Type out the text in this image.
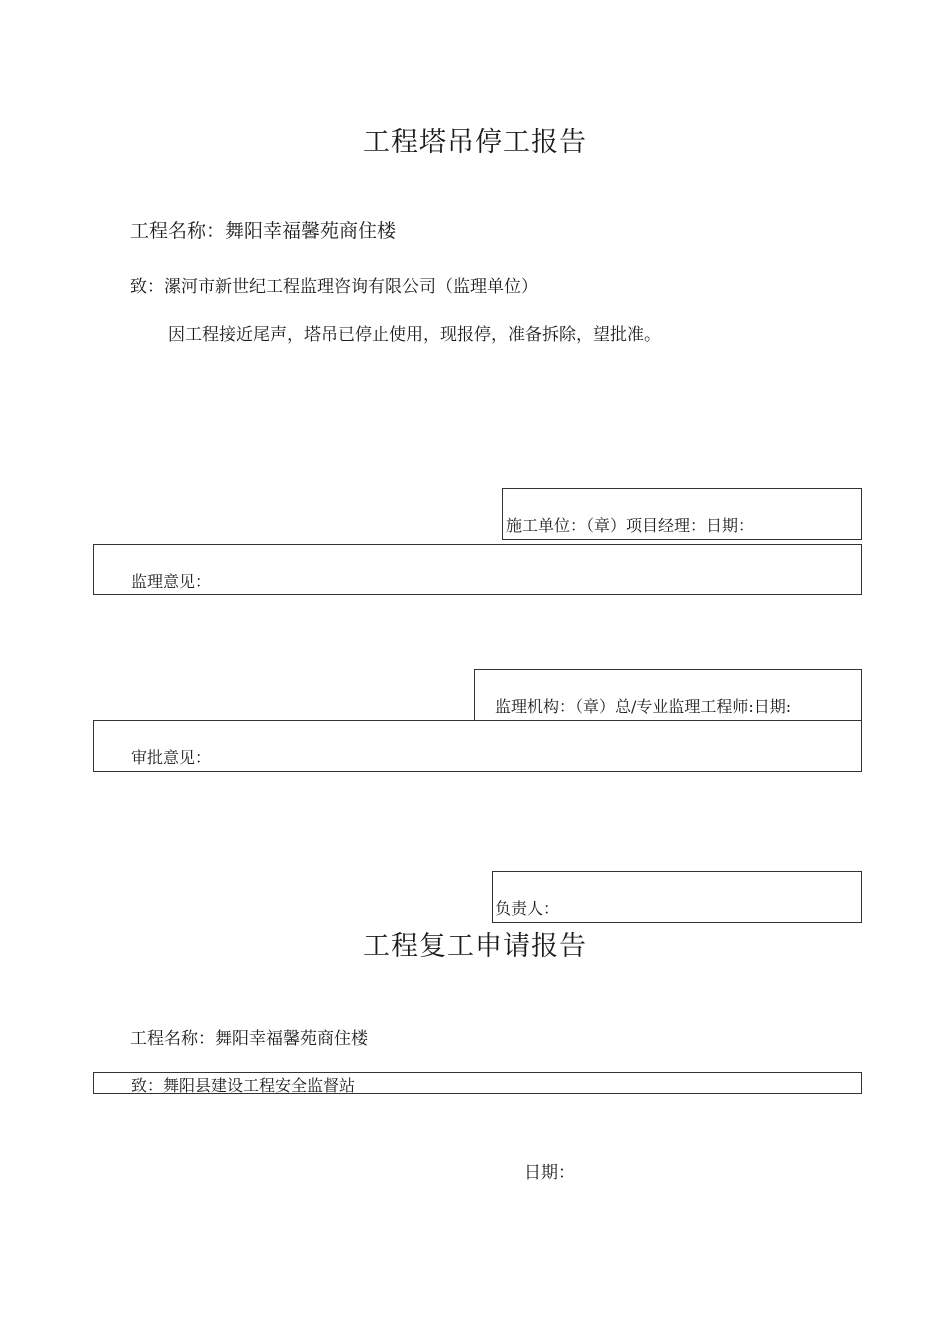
工程塔吊停工报告
工程名称：舞阳幸福馨苑商住楼
致：漯河市新世纪工程监理咨询有限公司（监理单位）
因工程接近尾声，塔吊已停止使用，现报停，准备拆除，望批准。
施工单位：（章）项目经理：日期：
监理意见：
监理机构：（章）总/专业监理工程师:日期:
审批意见：
负责人：
工程复工申请报告
工程名称：舞阳幸福馨苑商住楼
致：舞阳县建设工程安全监督站
日期：
